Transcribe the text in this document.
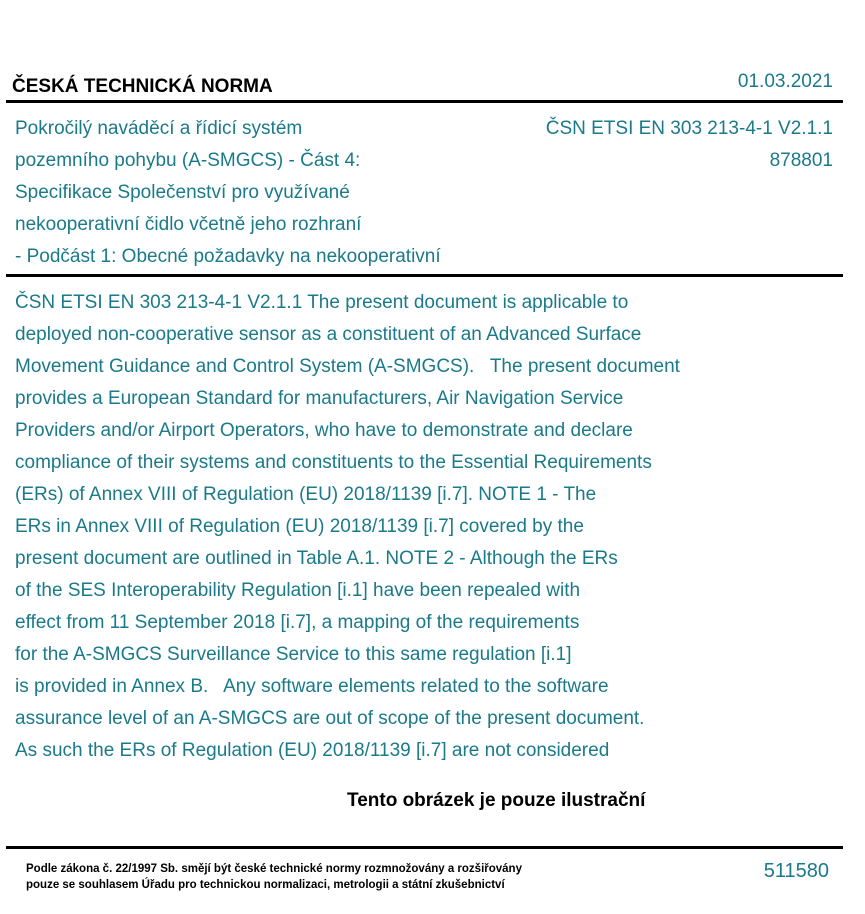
ČESKÁ TECHNICKÁ NORMA	01.03.2021
Pokročilý naváděcí a řídicí systém
pozemního pohybu (A-SMGCS) - Část 4:
Specifikace Společenství pro využívané
nekooperativní čidlo včetně jeho rozhraní
- Podčást 1: Obecné požadavky na nekooperativní
ČSN ETSI EN 303 213-4-1 V2.1.1
878801
ČSN ETSI EN 303 213-4-1 V2.1.1 The present document is applicable to
deployed non-cooperative sensor as a constituent of an Advanced Surface
Movement Guidance and Control System (A-SMGCS).   The present document
provides a European Standard for manufacturers, Air Navigation Service
Providers and/or Airport Operators, who have to demonstrate and declare
compliance of their systems and constituents to the Essential Requirements
(ERs) of Annex VIII of Regulation (EU) 2018/1139 [i.7]. NOTE 1 - The
ERs in Annex VIII of Regulation (EU) 2018/1139 [i.7] covered by the
present document are outlined in Table A.1. NOTE 2 - Although the ERs
of the SES Interoperability Regulation [i.1] have been repealed with
effect from 11 September 2018 [i.7], a mapping of the requirements
for the A-SMGCS Surveillance Service to this same regulation [i.1]
is provided in Annex B.   Any software elements related to the software
assurance level of an A-SMGCS are out of scope of the present document.
As such the ERs of Regulation (EU) 2018/1139 [i.7] are not considered
Tento obrázek je pouze ilustrační
Podle zákona č. 22/1997 Sb. smějí být české technické normy rozmnožovány a rozšiřovány
pouze se souhlasem Úřadu pro technickou normalizaci, metrologii a státní zkušebnictví
511580
